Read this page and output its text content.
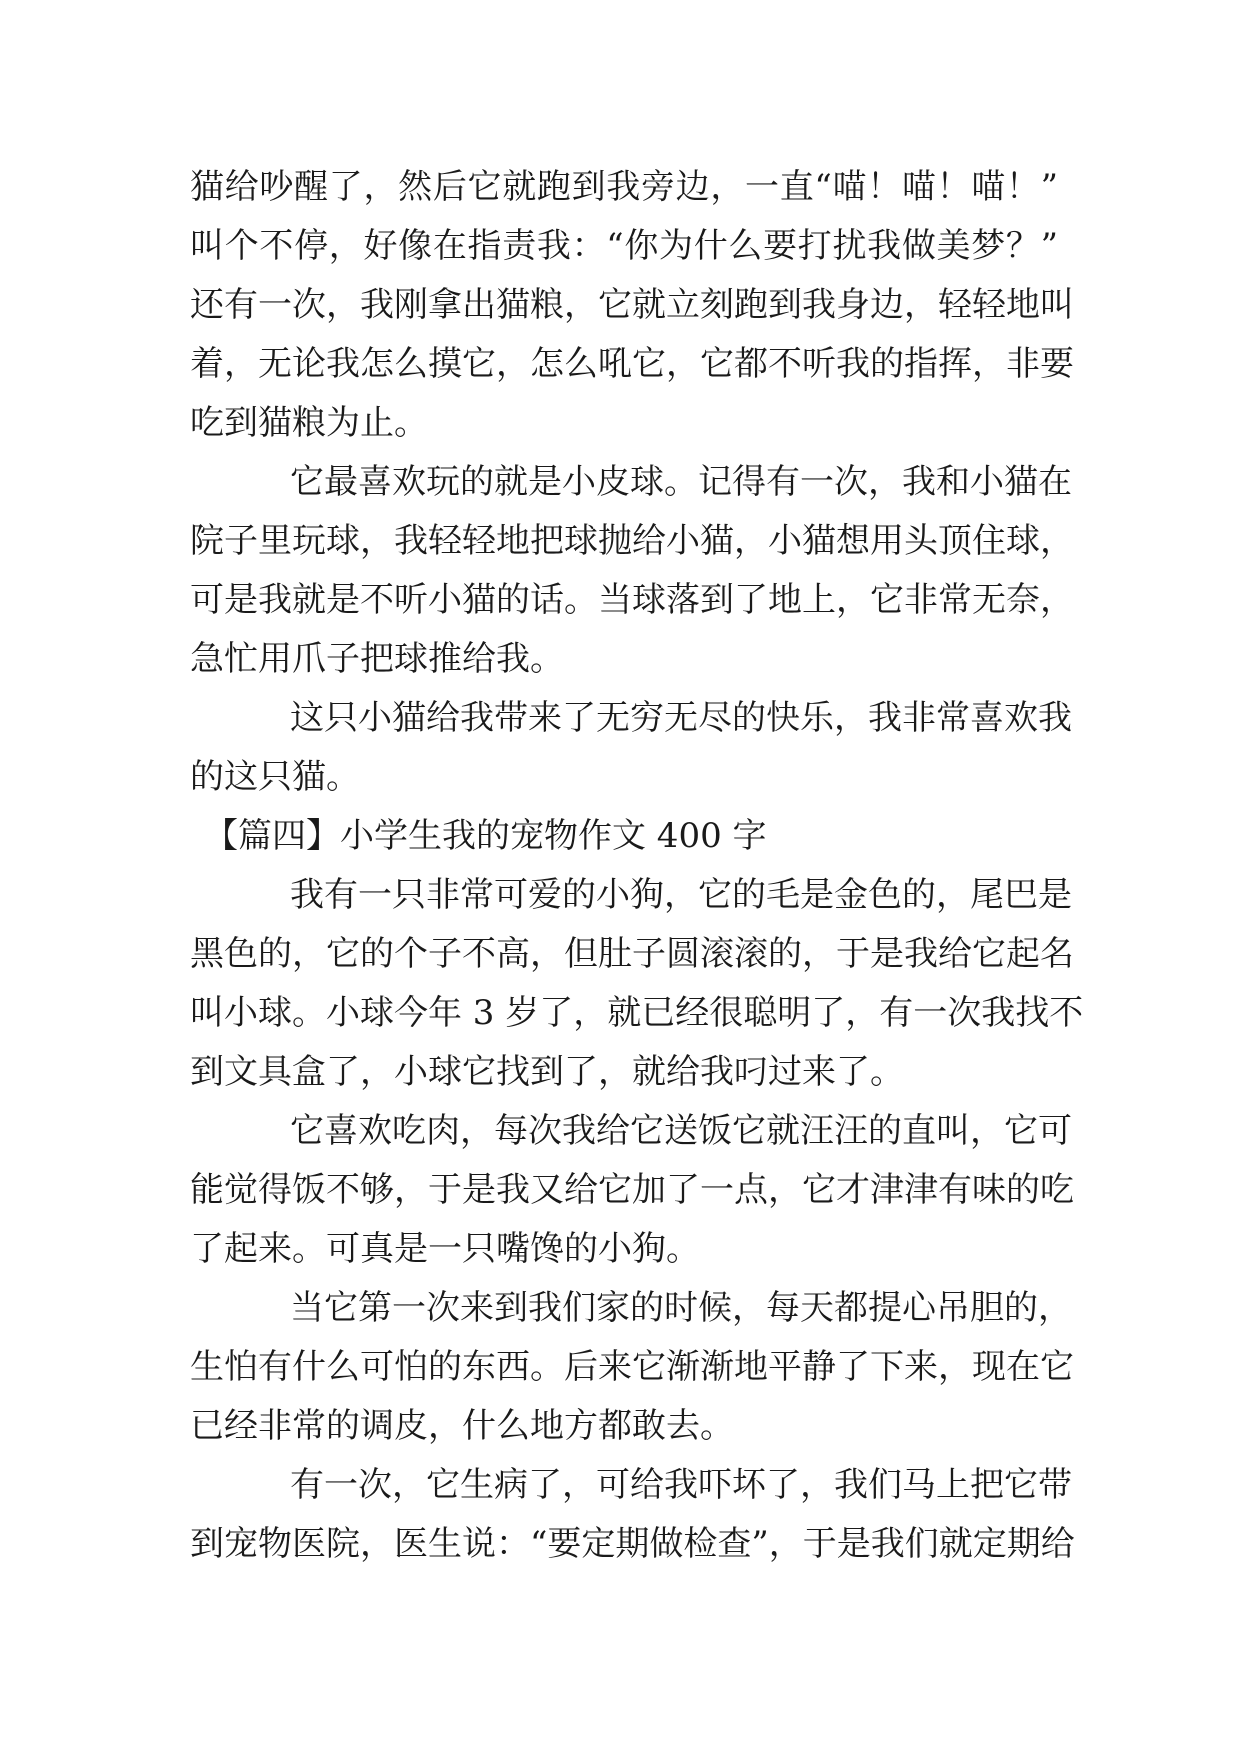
猫给吵醒了，然后它就跑到我旁边，一直“喵！喵！喵！”
叫个不停，好像在指责我：“你为什么要打扰我做美梦？”
还有一次，我刚拿出猫粮，它就立刻跑到我身边，轻轻地叫
着，无论我怎么摸它，怎么吼它，它都不听我的指挥，非要
吃到猫粮为止。
它最喜欢玩的就是小皮球。记得有一次，我和小猫在
院子里玩球，我轻轻地把球抛给小猫，小猫想用头顶住球，
可是我就是不听小猫的话。当球落到了地上，它非常无奈，
急忙用爪子把球推给我。
这只小猫给我带来了无穷无尽的快乐，我非常喜欢我
的这只猫。
【篇四】小学生我的宠物作文 400 字
我有一只非常可爱的小狗，它的毛是金色的，尾巴是
黑色的，它的个子不高，但肚子圆滚滚的，于是我给它起名
叫小球。小球今年 3 岁了，就已经很聪明了，有一次我找不
到文具盒了，小球它找到了，就给我叼过来了。
它喜欢吃肉，每次我给它送饭它就汪汪的直叫，它可
能觉得饭不够，于是我又给它加了一点，它才津津有味的吃
了起来。可真是一只嘴馋的小狗。
当它第一次来到我们家的时候，每天都提心吊胆的，
生怕有什么可怕的东西。后来它渐渐地平静了下来，现在它
已经非常的调皮，什么地方都敢去。
有一次，它生病了，可给我吓坏了，我们马上把它带
到宠物医院，医生说：“要定期做检查”，于是我们就定期给
